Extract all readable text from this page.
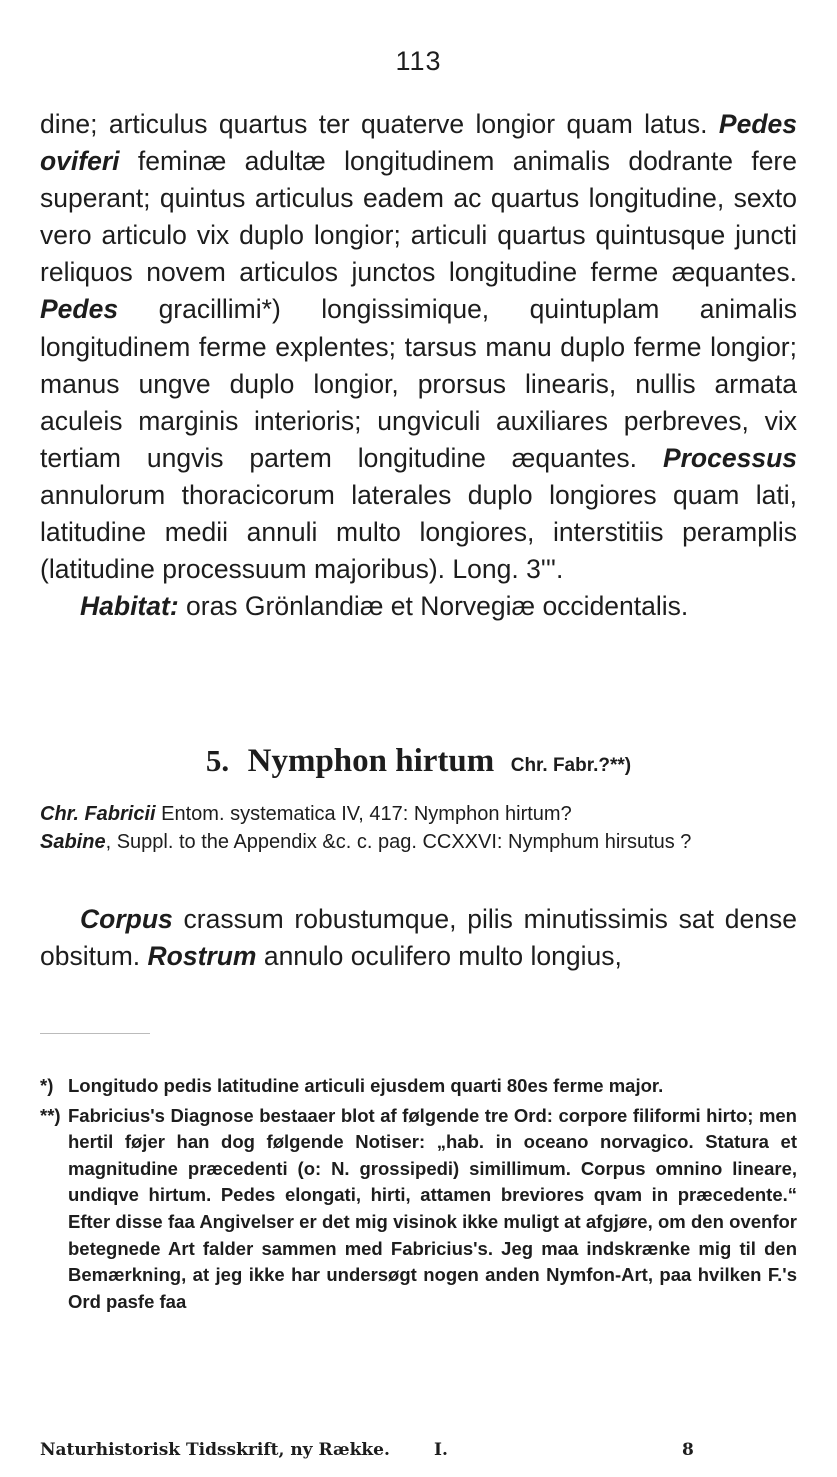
113

dine; articulus quartus ter quaterve longior quam latus. Pedes oviferi feminæ adultæ longitudinem animalis dodrante fere superant; quintus articulus eadem ac quartus longitudine, sexto vero articulo vix duplo longior; articuli quartus quintusque juncti reliquos novem articulos junctos longitudine ferme æquantes. Pedes gracillimi*) longissimique, quintuplam animalis longitudinem ferme explentes; tarsus manu duplo ferme longior; manus ungve duplo longior, prorsus linearis, nullis armata aculeis marginis interioris; ungviculi auxiliares perbreves, vix tertiam ungvis partem longitudine æquantes. Processus annulorum thoracicorum laterales duplo longiores quam lati, latitudine medii annuli multo longiores, interstitiis peramplis (latitudine processuum majoribus). Long. 3'''.

Habitat: oras Grönlandiæ et Norvegiæ occidentalis.

5. Nymphon hirtum Chr. Fabr.?**)

Chr. Fabricii Entom. systematica IV, 417: Nymphon hirtum?

Sabine, Suppl. to the Appendix &c. c. pag. CCXXVI: Nymphum hirsutus ?

Corpus crassum robustumque, pilis minutissimis sat dense obsitum. Rostrum annulo oculifero multo longius,

*) Longitudo pedis latitudine articuli ejusdem quarti 80es ferme major.

**) Fabricius's Diagnose bestaaer blot af følgende tre Ord: corpore filiformi hirto; men hertil føjer han dog følgende Notiser: „hab. in oceano norvagico. Statura et magnitudine præcedenti (o: N. grossipedi) simillimum. Corpus omnino lineare, undiqve hirtum. Pedes elongati, hirti, attamen breviores qvam in præcedente.“ Efter disse faa Angivelser er det mig visinok ikke muligt at afgjøre, om den ovenfor betegnede Art falder sammen med Fabricius's. Jeg maa indskrænke mig til den Bemærkning, at jeg ikke har undersøgt nogen anden Nymfon-Art, paa hvilken F.'s Ord pasfe faa

Naturhistorisk Tidsskrift, ny Række.	I.	8
